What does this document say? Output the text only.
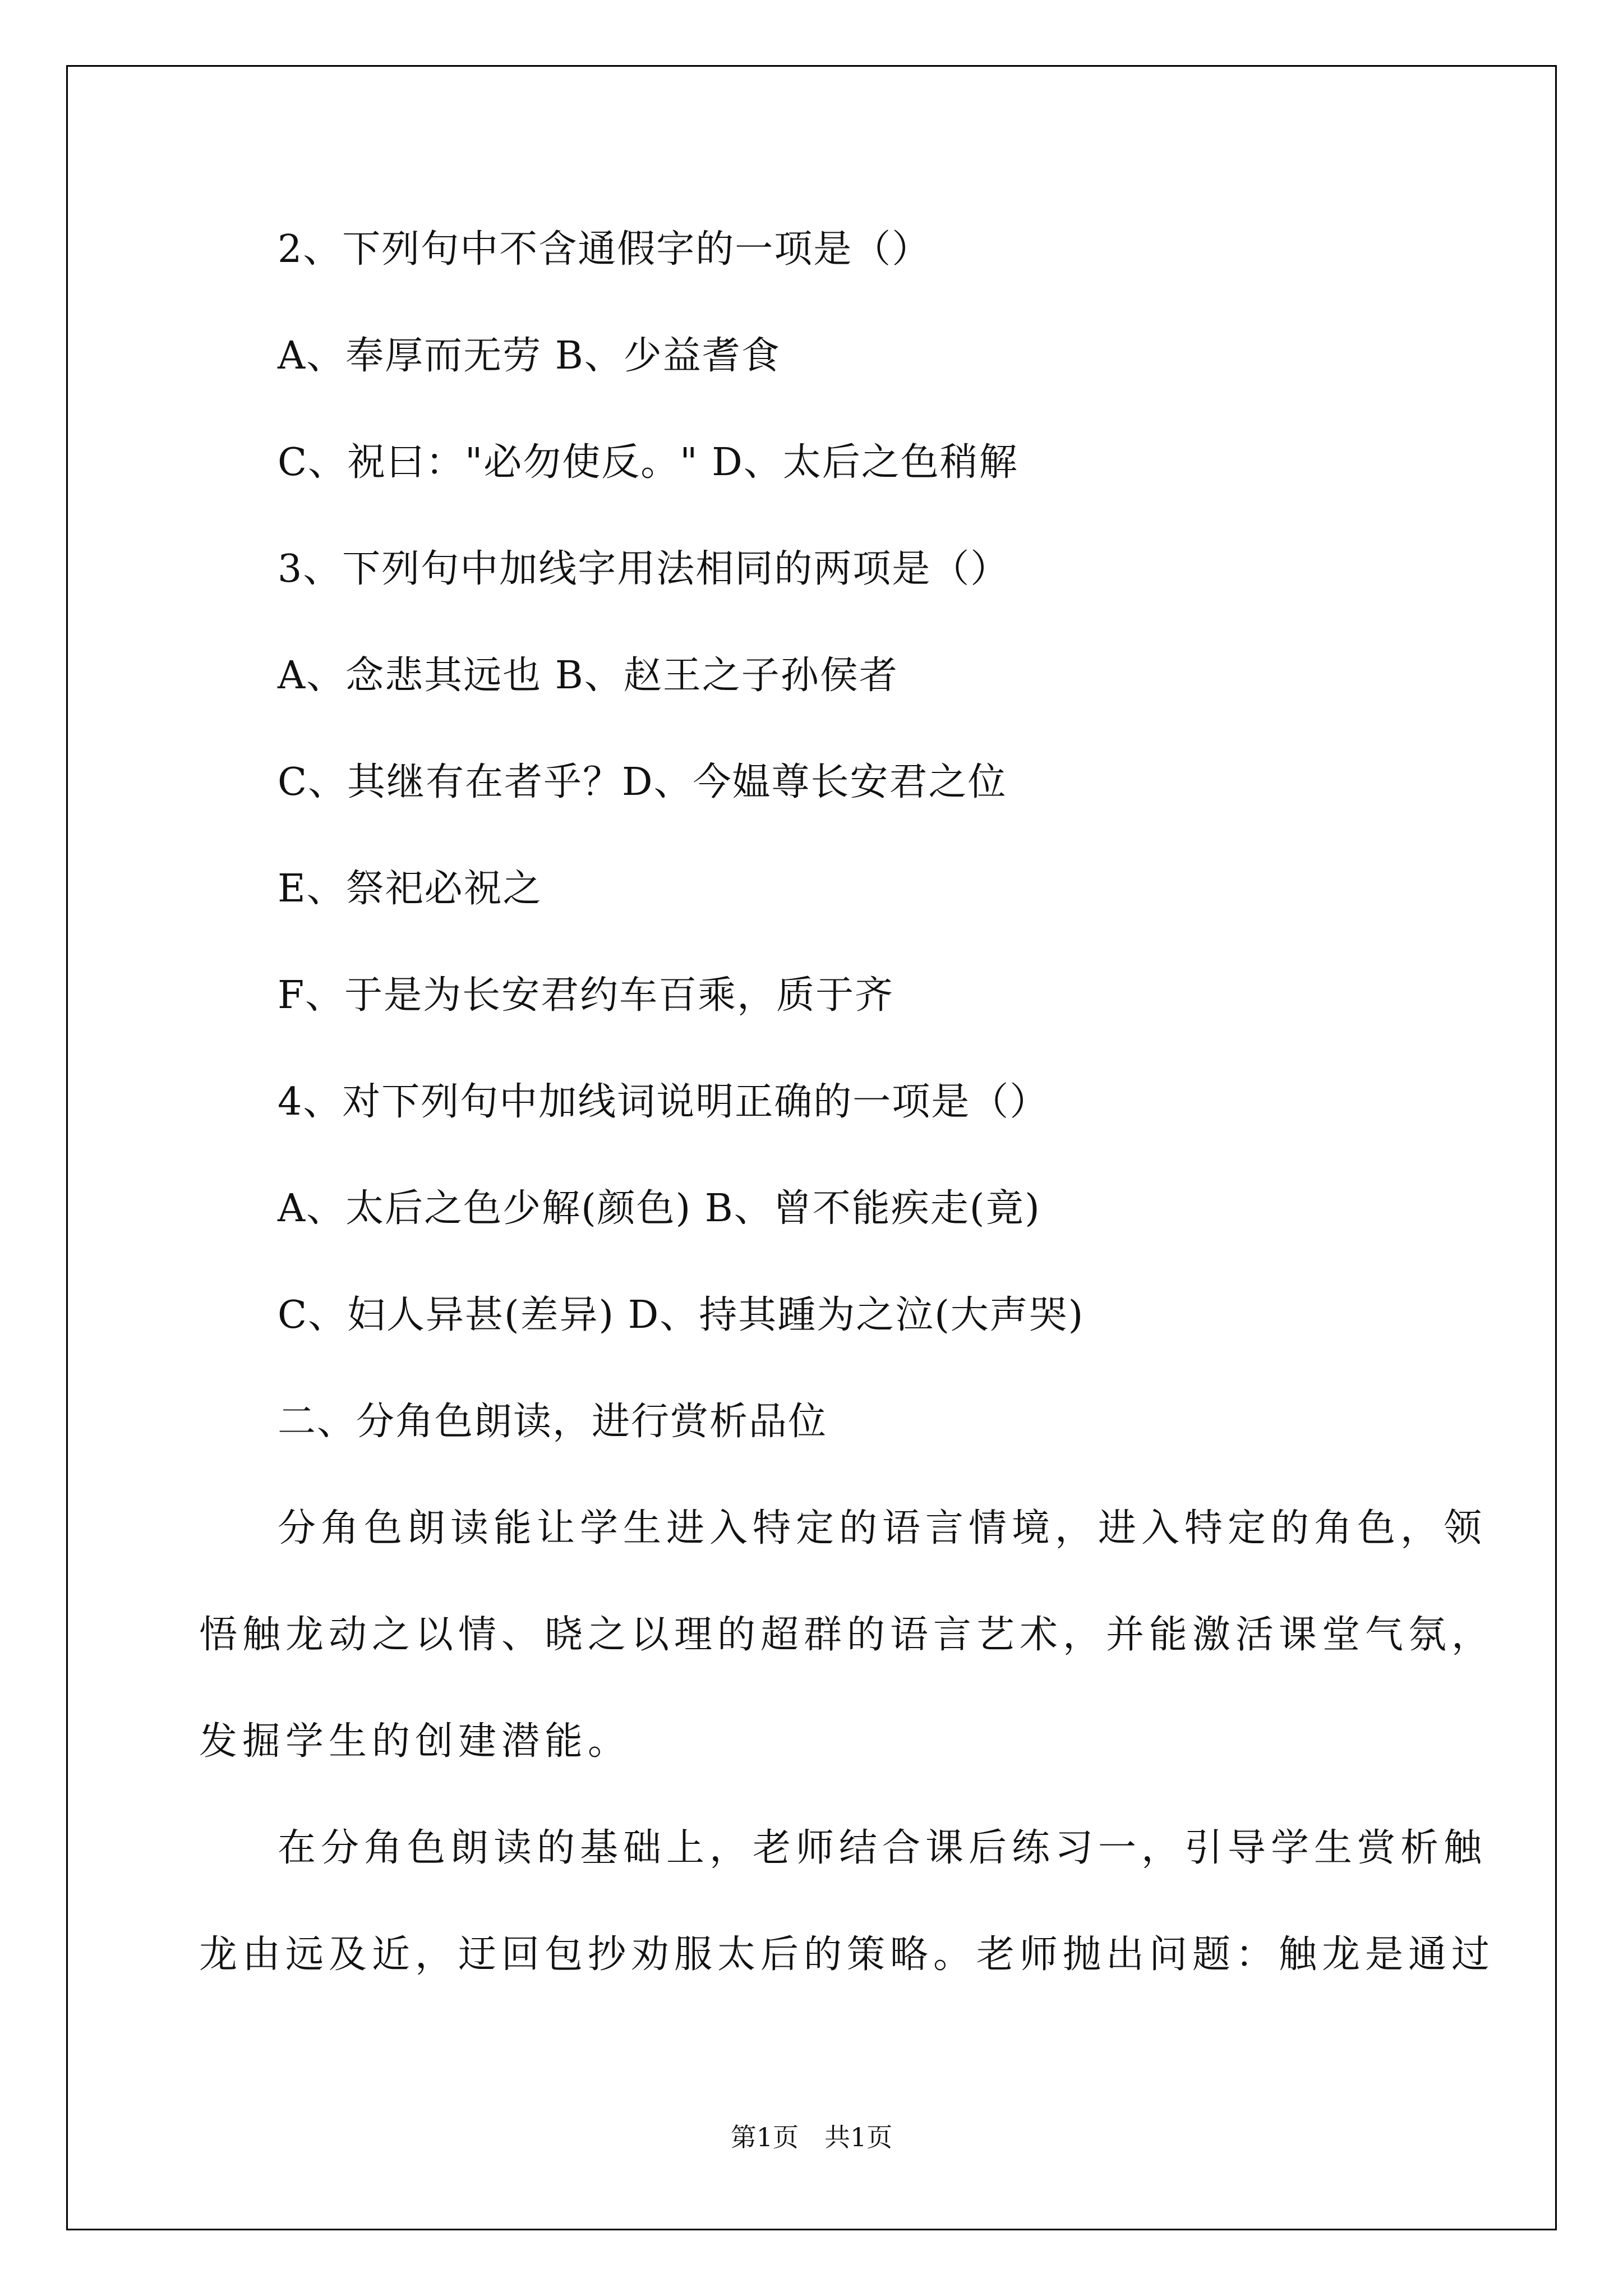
2、下列句中不含通假字的一项是（）
A、奉厚而无劳 B、少益耆食
C、祝曰："必勿使反。" D、太后之色稍解
3、下列句中加线字用法相同的两项是（）
A、念悲其远也 B、赵王之子孙侯者
C、其继有在者乎？D、今媪尊长安君之位
E、祭祀必祝之
F、于是为长安君约车百乘，质于齐
4、对下列句中加线词说明正确的一项是（）
A、太后之色少解(颜色) B、曾不能疾走(竟)
C、妇人异甚(差异) D、持其踵为之泣(大声哭)
二、分角色朗读，进行赏析品位
分角色朗读能让学生进入特定的语言情境，进入特定的角色，领
悟触龙动之以情、晓之以理的超群的语言艺术，并能激活课堂气氛，
发掘学生的创建潜能。
在分角色朗读的基础上，老师结合课后练习一，引导学生赏析触
龙由远及近，迂回包抄劝服太后的策略。老师抛出问题：触龙是通过
第1页　共1页
